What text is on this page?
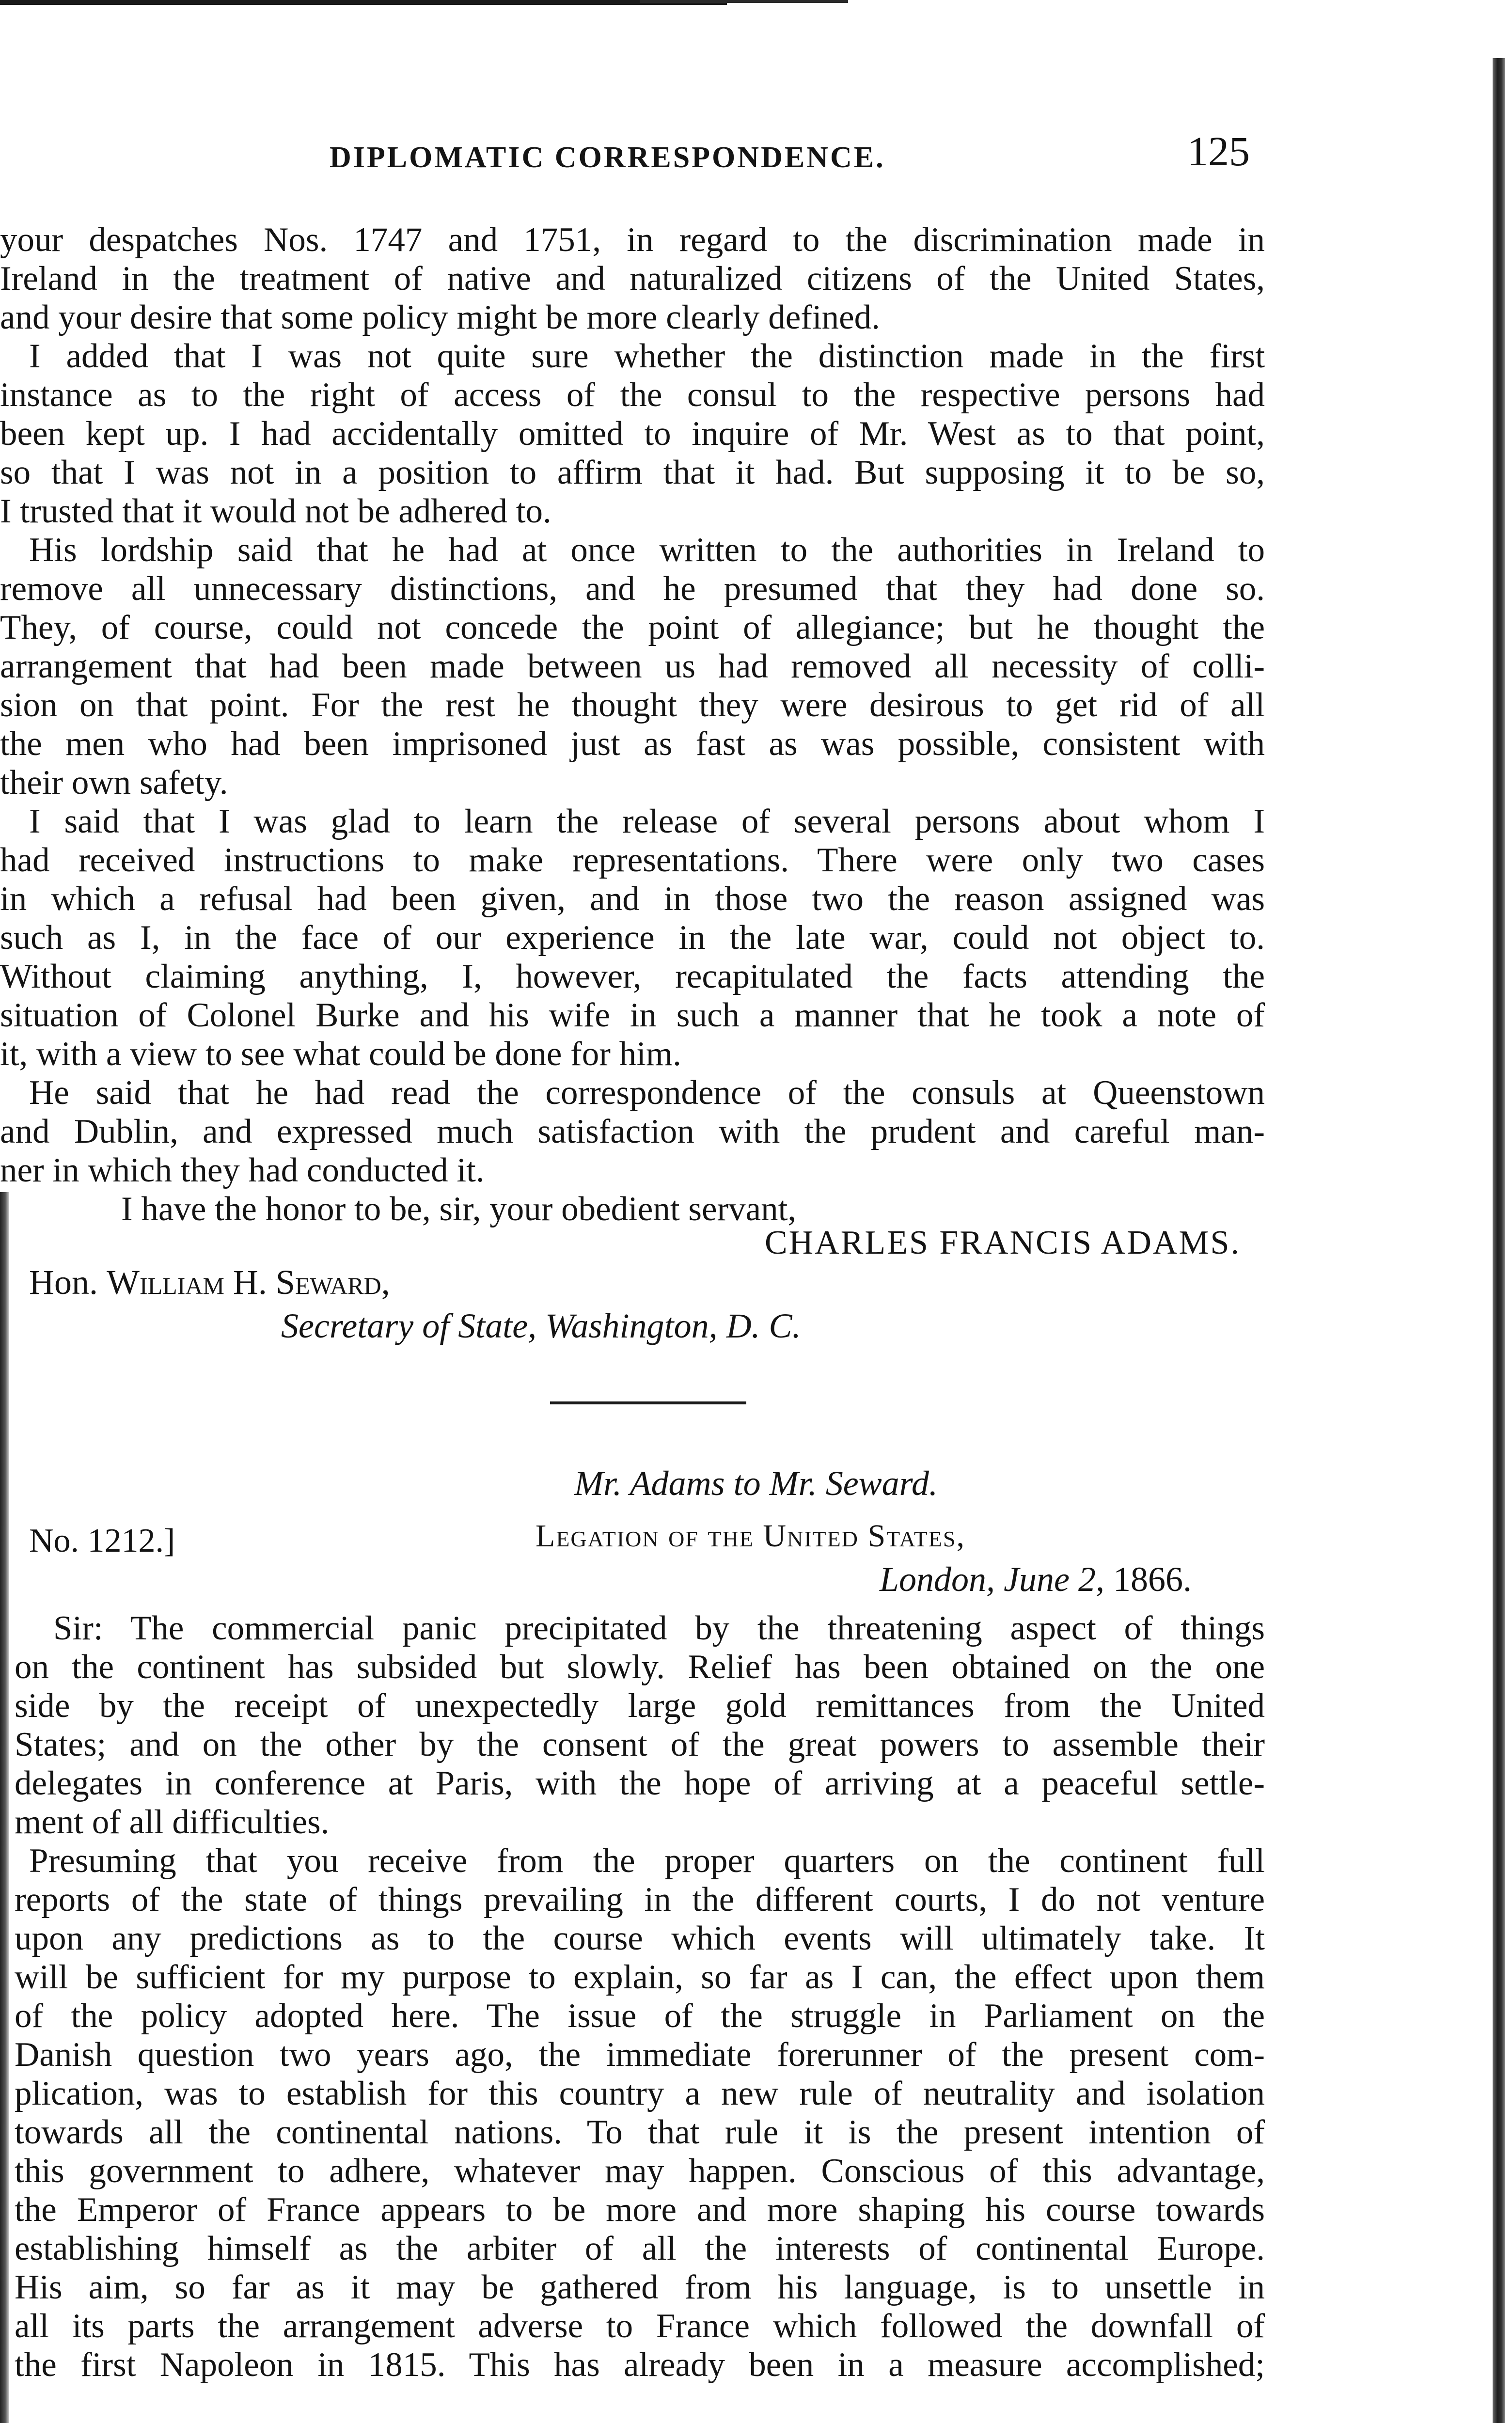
DIPLOMATIC CORRESPONDENCE.	125
your despatches Nos. 1747 and 1751, in regard to the discrimination made in
Ireland in the treatment of native and naturalized citizens of the United States,
and your desire that some policy might be more clearly defined.
I added that I was not quite sure whether the distinction made in the first
instance as to the right of access of the consul to the respective persons had
been kept up. I had accidentally omitted to inquire of Mr. West as to that point,
so that I was not in a position to affirm that it had. But supposing it to be so,
I trusted that it would not be adhered to.
His lordship said that he had at once written to the authorities in Ireland to
remove all unnecessary distinctions, and he presumed that they had done so.
They, of course, could not concede the point of allegiance; but he thought the
arrangement that had been made between us had removed all necessity of colli-
sion on that point. For the rest he thought they were desirous to get rid of all
the men who had been imprisoned just as fast as was possible, consistent with
their own safety.
I said that I was glad to learn the release of several persons about whom I
had received instructions to make representations. There were only two cases
in which a refusal had been given, and in those two the reason assigned was
such as I, in the face of our experience in the late war, could not object to.
Without claiming anything, I, however, recapitulated the facts attending the
situation of Colonel Burke and his wife in such a manner that he took a note of
it, with a view to see what could be done for him.
He said that he had read the correspondence of the consuls at Queenstown
and Dublin, and expressed much satisfaction with the prudent and careful man-
ner in which they had conducted it.
I have the honor to be, sir, your obedient servant,
CHARLES FRANCIS ADAMS.
Hon. William H. Seward,
Secretary of State, Washington, D. C.
Mr. Adams to Mr. Seward.
No. 1212.]	Legation of the United States,
London, June 2, 1866.
Sir: The commercial panic precipitated by the threatening aspect of things
on the continent has subsided but slowly. Relief has been obtained on the one
side by the receipt of unexpectedly large gold remittances from the United
States; and on the other by the consent of the great powers to assemble their
delegates in conference at Paris, with the hope of arriving at a peaceful settle-
ment of all difficulties.
Presuming that you receive from the proper quarters on the continent full
reports of the state of things prevailing in the different courts, I do not venture
upon any predictions as to the course which events will ultimately take. It
will be sufficient for my purpose to explain, so far as I can, the effect upon them
of the policy adopted here. The issue of the struggle in Parliament on the
Danish question two years ago, the immediate forerunner of the present com-
plication, was to establish for this country a new rule of neutrality and isolation
towards all the continental nations. To that rule it is the present intention of
this government to adhere, whatever may happen. Conscious of this advantage,
the Emperor of France appears to be more and more shaping his course towards
establishing himself as the arbiter of all the interests of continental Europe.
His aim, so far as it may be gathered from his language, is to unsettle in
all its parts the arrangement adverse to France which followed the downfall of
the first Napoleon in 1815. This has already been in a measure accomplished;
